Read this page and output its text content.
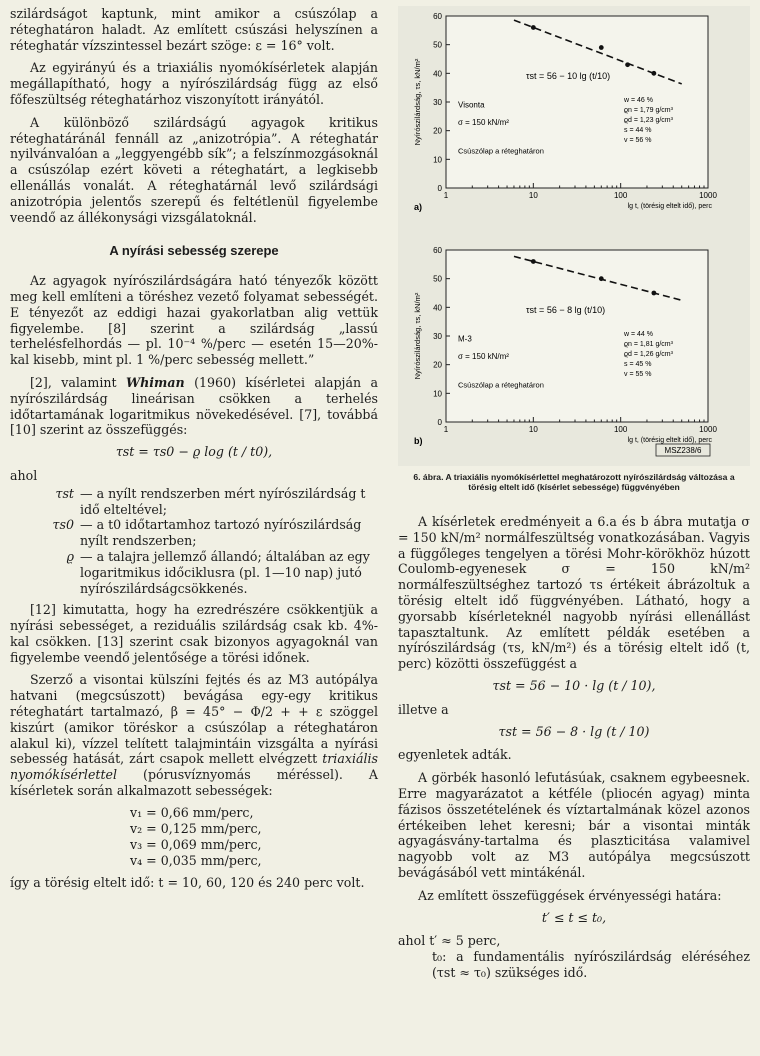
szilárdságot kaptunk, mint amikor a csúszólap a réteghatáron haladt. Az említett csúszási helyszínen a réteghatár vízszintessel bezárt szöge: ε = 16° volt.

Az egyirányú és a triaxiális nyomókísérletek alapján megállapítható, hogy a nyírószilárdság függ az első főfeszültség réteghatárhoz viszonyított irányától.

A különböző szilárdságú agyagok kritikus réteghatáránál fennáll az „anizotrópia”. A réteghatár nyilvánvalóan a „leggyengébb sík”; a felszínmozgásoknál a csúszólap ezért követi a réteghatárt, a legkisebb ellenállás vonalát. A réteghatárnál levő szilárdsági anizotrópia jelentős szerepű és feltétlenül figyelembe veendő az állékonysági vizsgálatoknál.

A nyírási sebesség szerepe

Az agyagok nyírószilárdságára ható tényezők között meg kell említeni a töréshez vezető folyamat sebességét. E tényezőt az eddigi hazai gyakorlatban alig vettük figyelembe. [8] szerint a szilárdság „lassú terhelésfelhordás — pl. 10⁻⁴ %/perc — esetén 15—20%-kal kisebb, mint pl. 1 %/perc sebesség mellett.”

[2], valamint Whiman (1960) kísérletei alapján a nyírószilárdság lineárisan csökken a terhelés időtartamának logaritmikus növekedésével. [7], továbbá [10] szerint az összefüggés:

τst = τs0 − ϱ log (t / t0),
ahol
τst — a nyílt rendszerben mért nyírószilárdság t idő elteltével;
τs0 — a t0 időtartamhoz tartozó nyírószilárdság nyílt rendszerben;
ϱ — a talajra jellemző állandó; általában az egy logaritmikus időciklusra (pl. 1—10 nap) jutó nyírószilárdságcsökkenés.

[12] kimutatta, hogy ha ezredrészére csökkentjük a nyírási sebességet, a reziduális szilárdság csak kb. 4%-kal csökken. [13] szerint csak bizonyos agyagoknál van figyelembe veendő jelentősége a törési időnek.

Szerző a visontai külszíni fejtés és az M3 autópálya hatvani (megcsúszott) bevágása egy-egy kritikus réteghatárt tartalmazó, β = 45° − Φ/2 + + ε szöggel kiszúrt (amikor töréskor a csúszólap a réteghatáron alakul ki), vízzel telített talajmintáin vizsgálta a nyírási sebesség hatását, zárt csapok mellett elvégzett triaxiális nyomókísérlettel (pórusvíznyomás méréssel). A kísérletek során alkalmazott sebességek:

v₁ = 0,66 mm/perc,
v₂ = 0,125 mm/perc,
v₃ = 0,069 mm/perc,
v₄ = 0,035 mm/perc,

így a törésig eltelt idő: t = 10, 60, 120 és 240 perc volt.

0
10
20
30
40
50
60
1	10	100	1000
Nyírószilárdság, τs, kN/m²
lg t, (törésig eltelt idő), perc
a)
τst = 56 − 10 lg (t/10)
Visonta
σ = 150 kN/m²
Csúszólap a réteghatáron
w = 46 %
ϱn = 1,79 g/cm³
ϱd = 1,23 g/cm³
s = 44 %
v = 56 %
0
10
20
30
40
50
60
1	10	100	1000
Nyírószilárdság, τs, kN/m²
lg t, (törésig eltelt idő), perc
b)
τst = 56 − 8 lg (t/10)
M-3
σ = 150 kN/m²
Csúszólap a réteghatáron
w = 44 %
ϱn = 1,81 g/cm³
ϱd = 1,26 g/cm³
s = 45 %
v = 55 %
MSZ238/6
6. ábra. A triaxiális nyomókísérlettel meghatározott nyírószilárdság változása a törésig eltelt idő (kísérlet sebessége) függvényében

A kísérletek eredményeit a 6.a és b ábra mutatja σ = 150 kN/m² normálfeszültség vonatkozásában. Vagyis a függőleges tengelyen a törési Mohr-körökhöz húzott Coulomb-egyenesek σ = 150 kN/m² normálfeszültséghez tartozó τs értékeit ábrázoltuk a törésig eltelt idő függvényében. Látható, hogy a gyorsabb kísérleteknél nagyobb nyírási ellenállást tapasztaltunk. Az említett példák esetében a nyírószilárdság (τs, kN/m²) és a törésig eltelt idő (t, perc) közötti összefüggést a

τst = 56 − 10 · lg (t / 10),
illetve a
τst = 56 − 8 · lg (t / 10)

egyenletek adták.

A görbék hasonló lefutásúak, csaknem egybeesnek. Erre magyarázatot a kétféle (pliocén agyag) minta fázisos összetételének és víztartalmának közel azonos értékeiben lehet keresni; bár a visontai minták agyagásvány-tartalma és plaszticitása valamivel nagyobb volt az M3 autópálya megcsúszott bevágásából vett mintákénál.

Az említett összefüggések érvényességi határa:

t′ ≤ t ≤ t₀,

ahol t′ ≈ 5 perc,

t₀: a fundamentális nyírószilárdság eléréséhez (τst ≈ τ₀) szükséges idő.
